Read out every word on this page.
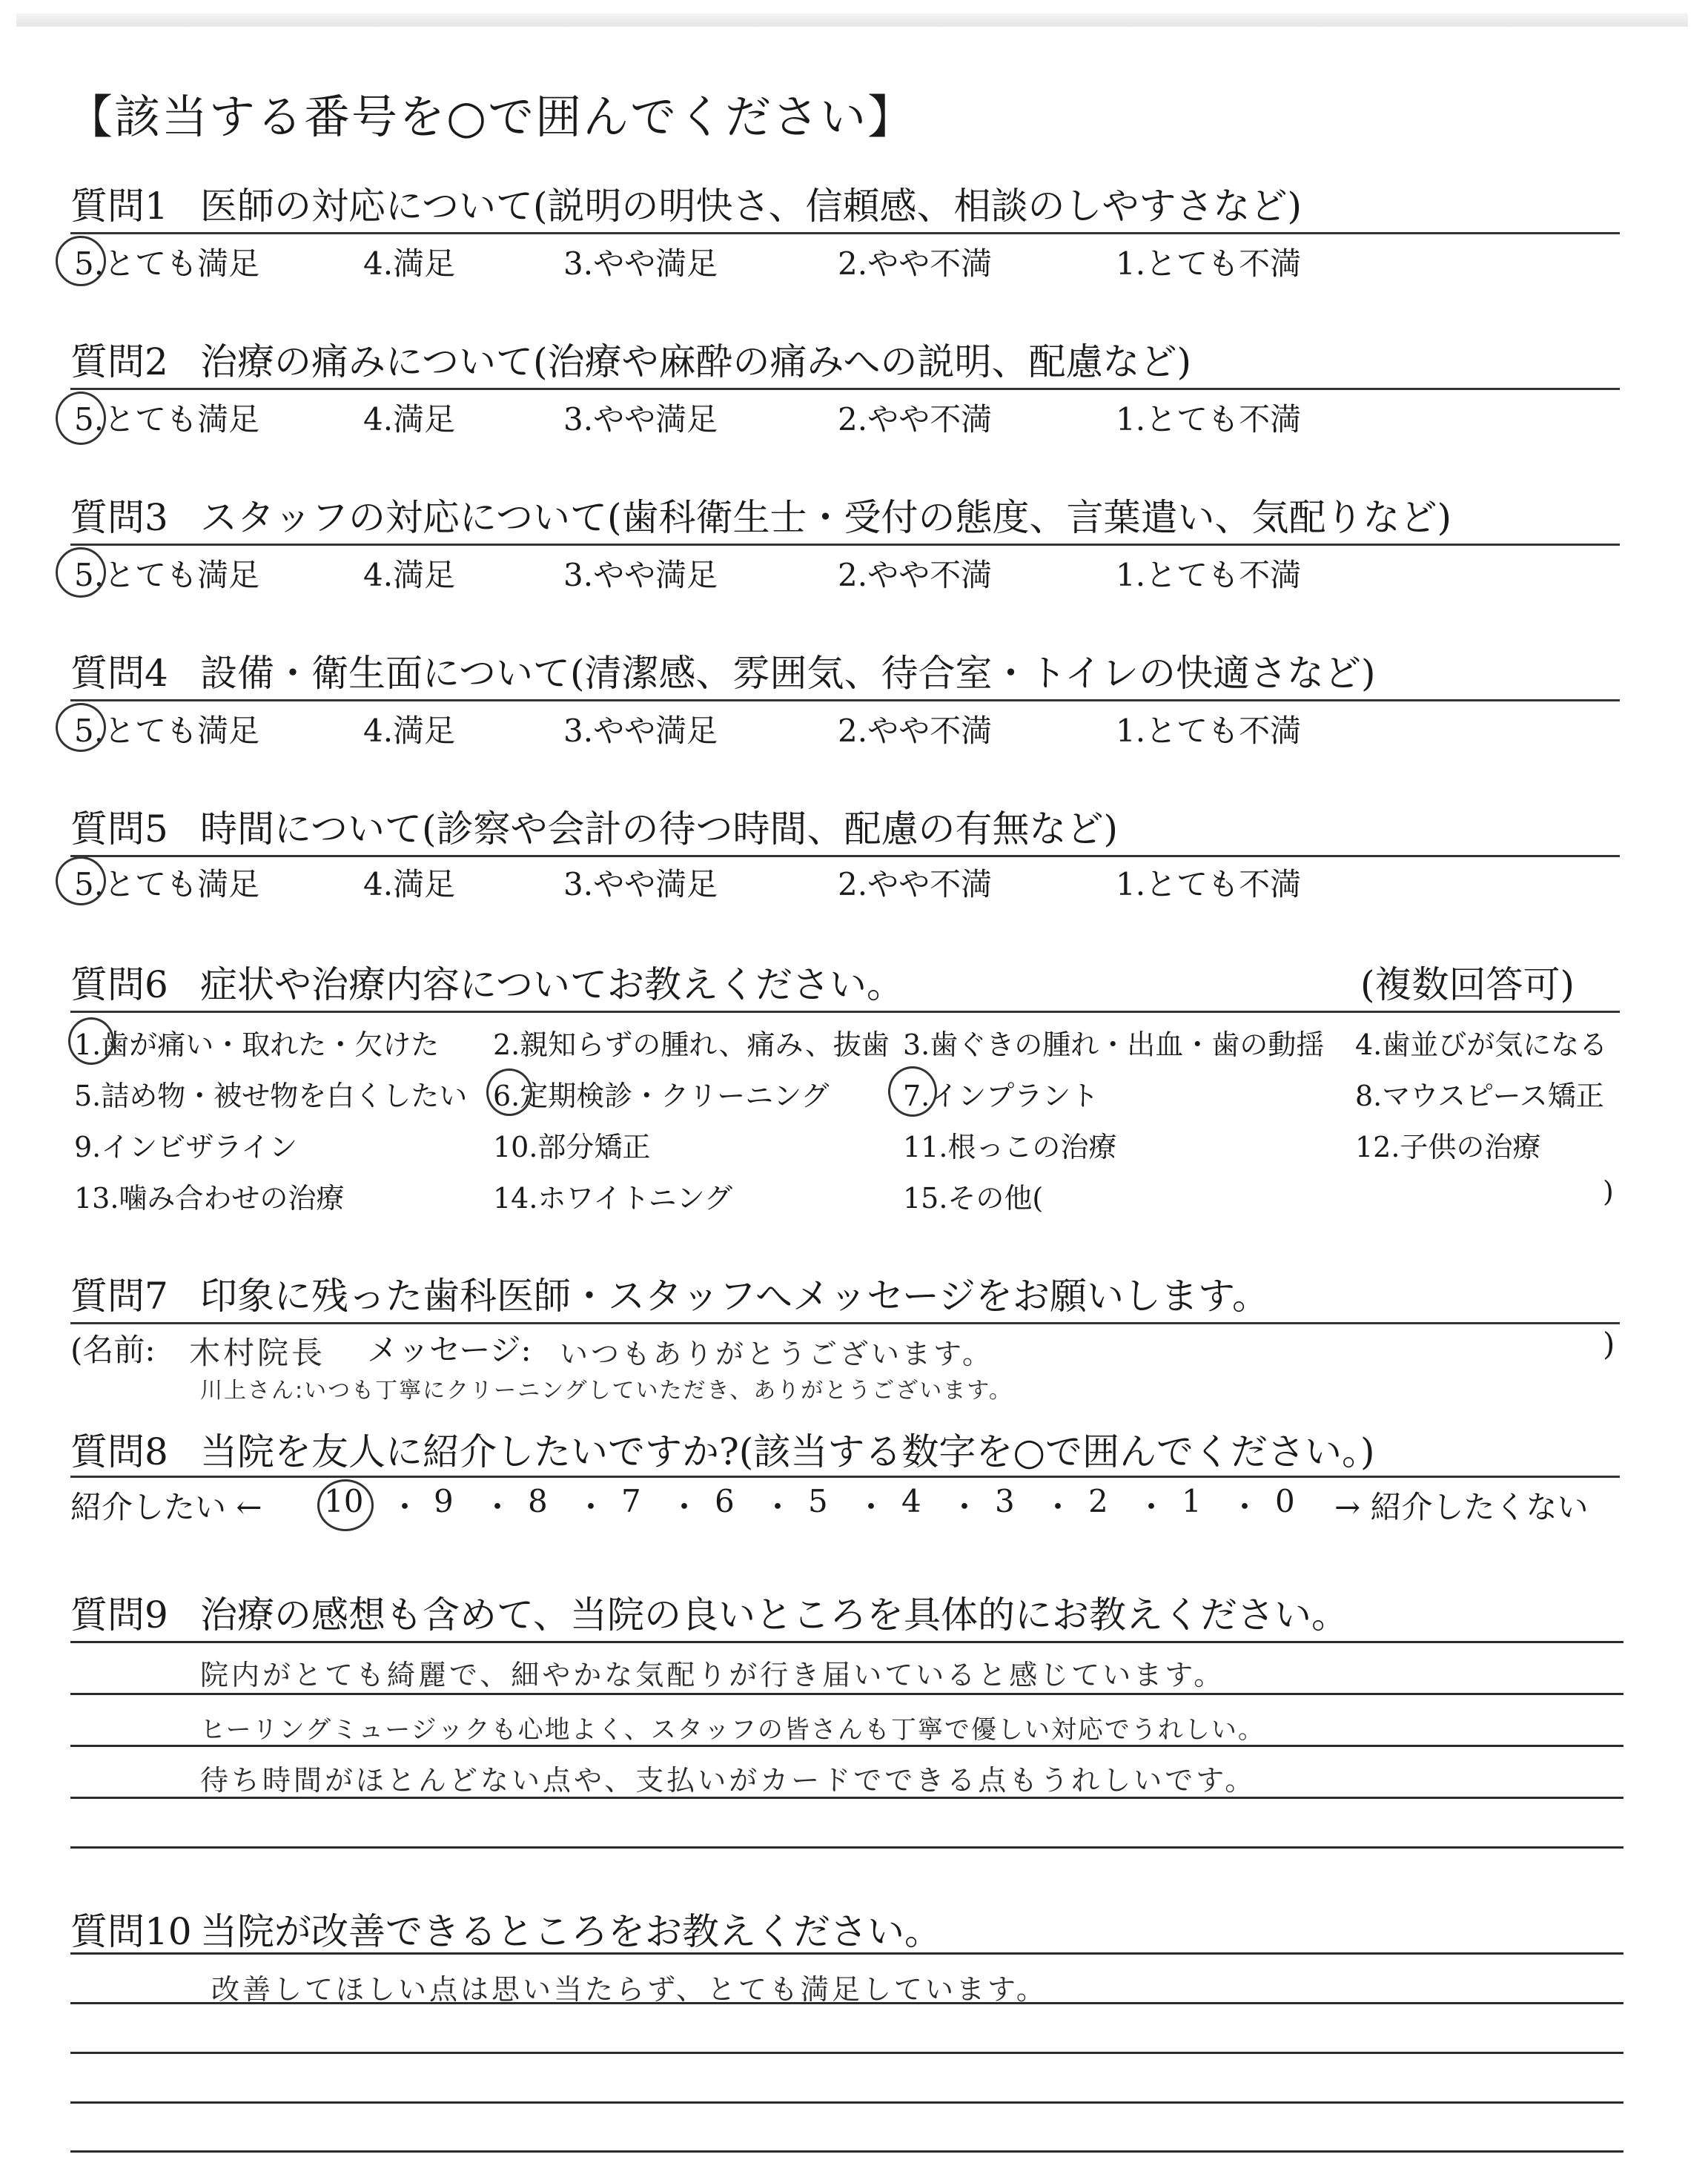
【該当する番号を○で囲んでください】
質問1 医師の対応について(説明の明快さ、信頼感、相談のしやすさなど)
5.とても満足	4.満足	3.やや満足	2.やや不満	1.とても不満
質問2 治療の痛みについて(治療や麻酔の痛みへの説明、配慮など)
5.とても満足	4.満足	3.やや満足	2.やや不満	1.とても不満
質問3 スタッフの対応について(歯科衛生士・受付の態度、言葉遣い、気配りなど)
5.とても満足	4.満足	3.やや満足	2.やや不満	1.とても不満
質問4 設備・衛生面について(清潔感、雰囲気、待合室・トイレの快適さなど)
5.とても満足	4.満足	3.やや満足	2.やや不満	1.とても不満
質問5 時間について(診察や会計の待つ時間、配慮の有無など)
5.とても満足	4.満足	3.やや満足	2.やや不満	1.とても不満
質問6 症状や治療内容についてお教えください。	(複数回答可)
1.歯が痛い・取れた・欠けた 2.親知らずの腫れ、痛み、抜歯 3.歯ぐきの腫れ・出血・歯の動揺 4.歯並びが気になる
5.詰め物・被せ物を白くしたい 6.定期検診・クリーニング	7.インプラント	8.マウスピース矯正
9.インビザライン	10.部分矯正	11.根っこの治療	12.子供の治療
13.噛み合わせの治療	14.ホワイトニング	15.その他(	)
質問7 印象に残った歯科医師・スタッフへメッセージをお願いします。
(名前: 木村院長 メッセージ: いつもありがとうございます。	)
川上さん:いつも丁寧にクリーニングしていただき、ありがとうございます。
質問8 当院を友人に紹介したいですか?(該当する数字を○で囲んでください。)
紹介したい ← 10 ・ 9 ・ 8 ・ 7 ・ 6 ・ 5 ・ 4 ・ 3 ・ 2 ・ 1 ・ 0 → 紹介したくない
質問9 治療の感想も含めて、当院の良いところを具体的にお教えください。
院内がとても綺麗で、細やかな気配りが行き届いていると感じています。
ヒーリングミュージックも心地よく、スタッフの皆さんも丁寧で優しい対応でうれしい。
待ち時間がほとんどない点や、支払いがカードでできる点もうれしいです。
質問10 当院が改善できるところをお教えください。
改善してほしい点は思い当たらず、とても満足しています。
